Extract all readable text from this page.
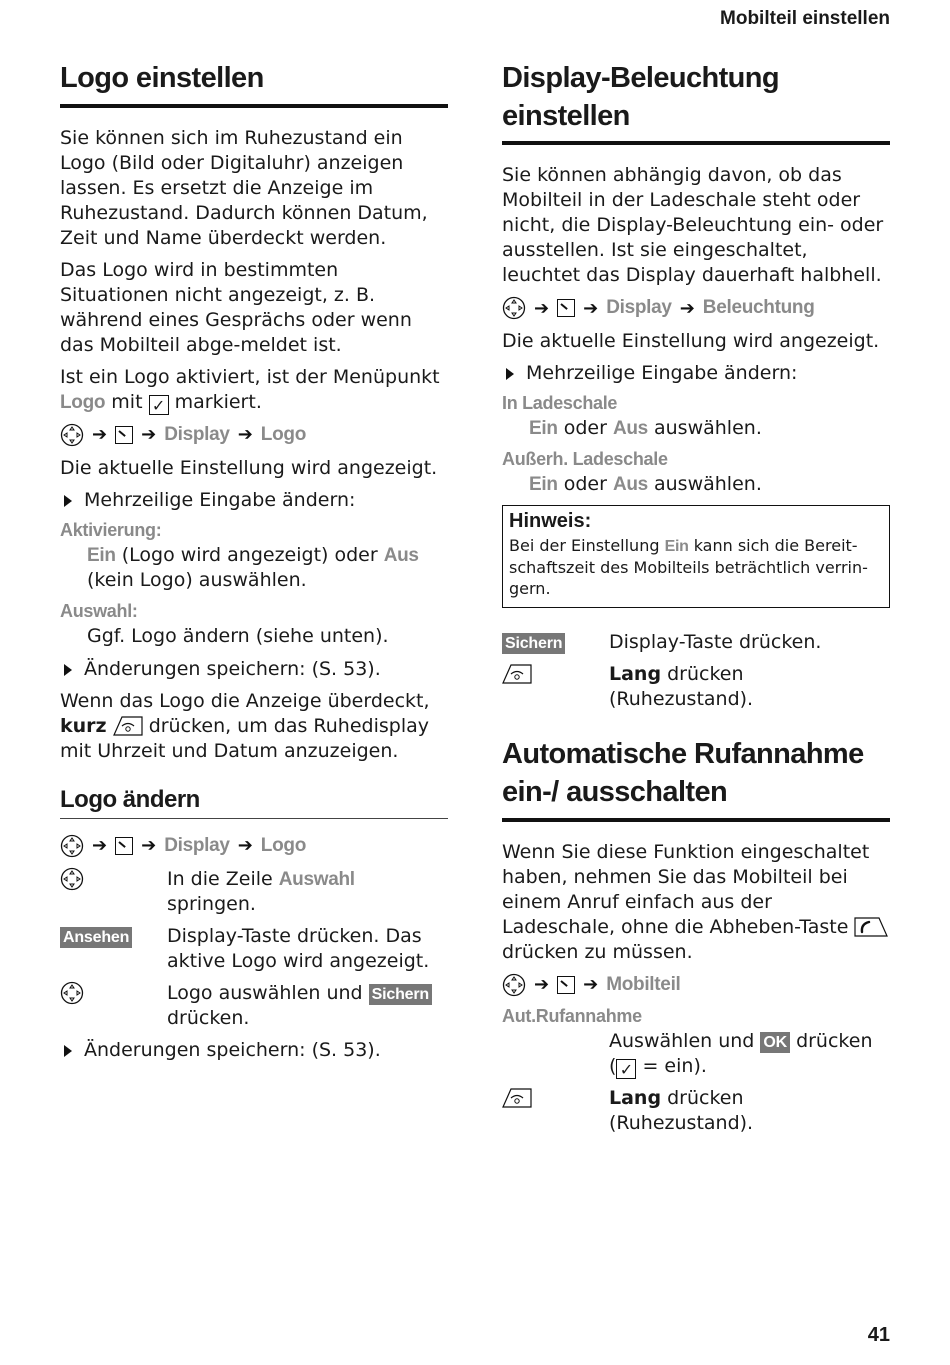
Mobilteil einstellen
Logo einstellen

Sie können sich im Ruhezustand ein Logo (Bild oder Digitaluhr) anzeigen lassen. Es ersetzt die Anzeige im Ruhezustand. Dadurch können Datum, Zeit und Name überdeckt werden.

Das Logo wird in bestimmten Situationen nicht angezeigt, z. B. während eines Gesprächs oder wenn das Mobilteil abge-meldet ist.

Ist ein Logo aktiviert, ist der Menüpunkt
Logo mit ✓ markiert.

➔ ➔ Display ➔ Logo

Die aktuelle Einstellung wird angezeigt.

Mehrzeilige Eingabe ändern:
Aktivierung:
Ein (Logo wird angezeigt) oder Aus (kein Logo) auswählen.
Auswahl:
Ggf. Logo ändern (siehe unten).
Änderungen speichern: (S. 53).

Wenn das Logo die Anzeige überdeckt,
kurz drücken, um das Ruhedisplay mit Uhrzeit und Datum anzuzeigen.

Logo ändern
➔ ➔ Display ➔ Logo
In die Zeile Auswahl springen.
Ansehen	Display-Taste drücken. Das aktive Logo wird angezeigt.
Logo auswählen und Sichern
drücken.
Änderungen speichern: (S. 53).
Display-Beleuchtung einstellen

Sie können abhängig davon, ob das Mobilteil in der Ladeschale steht oder nicht, die Display-Beleuchtung ein- oder ausstellen. Ist sie eingeschaltet, leuchtet das Display dauerhaft halbhell.

➔ ➔ Display ➔ Beleuchtung

Die aktuelle Einstellung wird angezeigt.

Mehrzeilige Eingabe ändern:
In Ladeschale
Ein oder Aus auswählen.
Außerh. Ladeschale
Ein oder Aus auswählen.
Hinweis:
Bei der Einstellung Ein kann sich die Bereit-schaftszeit des Mobilteils beträchtlich verrin-gern.
Sichern	Display-Taste drücken.
Lang drücken (Ruhezustand).
Automatische Rufannahme ein-/ ausschalten

Wenn Sie diese Funktion eingeschaltet haben, nehmen Sie das Mobilteil bei einem Anruf einfach aus der Ladeschale, ohne die Abheben-Taste  drücken zu müssen.

➔ ➔ Mobilteil
Aut.Rufannahme
Auswählen und OK drücken
( ✓ = ein).
Lang drücken (Ruhezustand).
41
